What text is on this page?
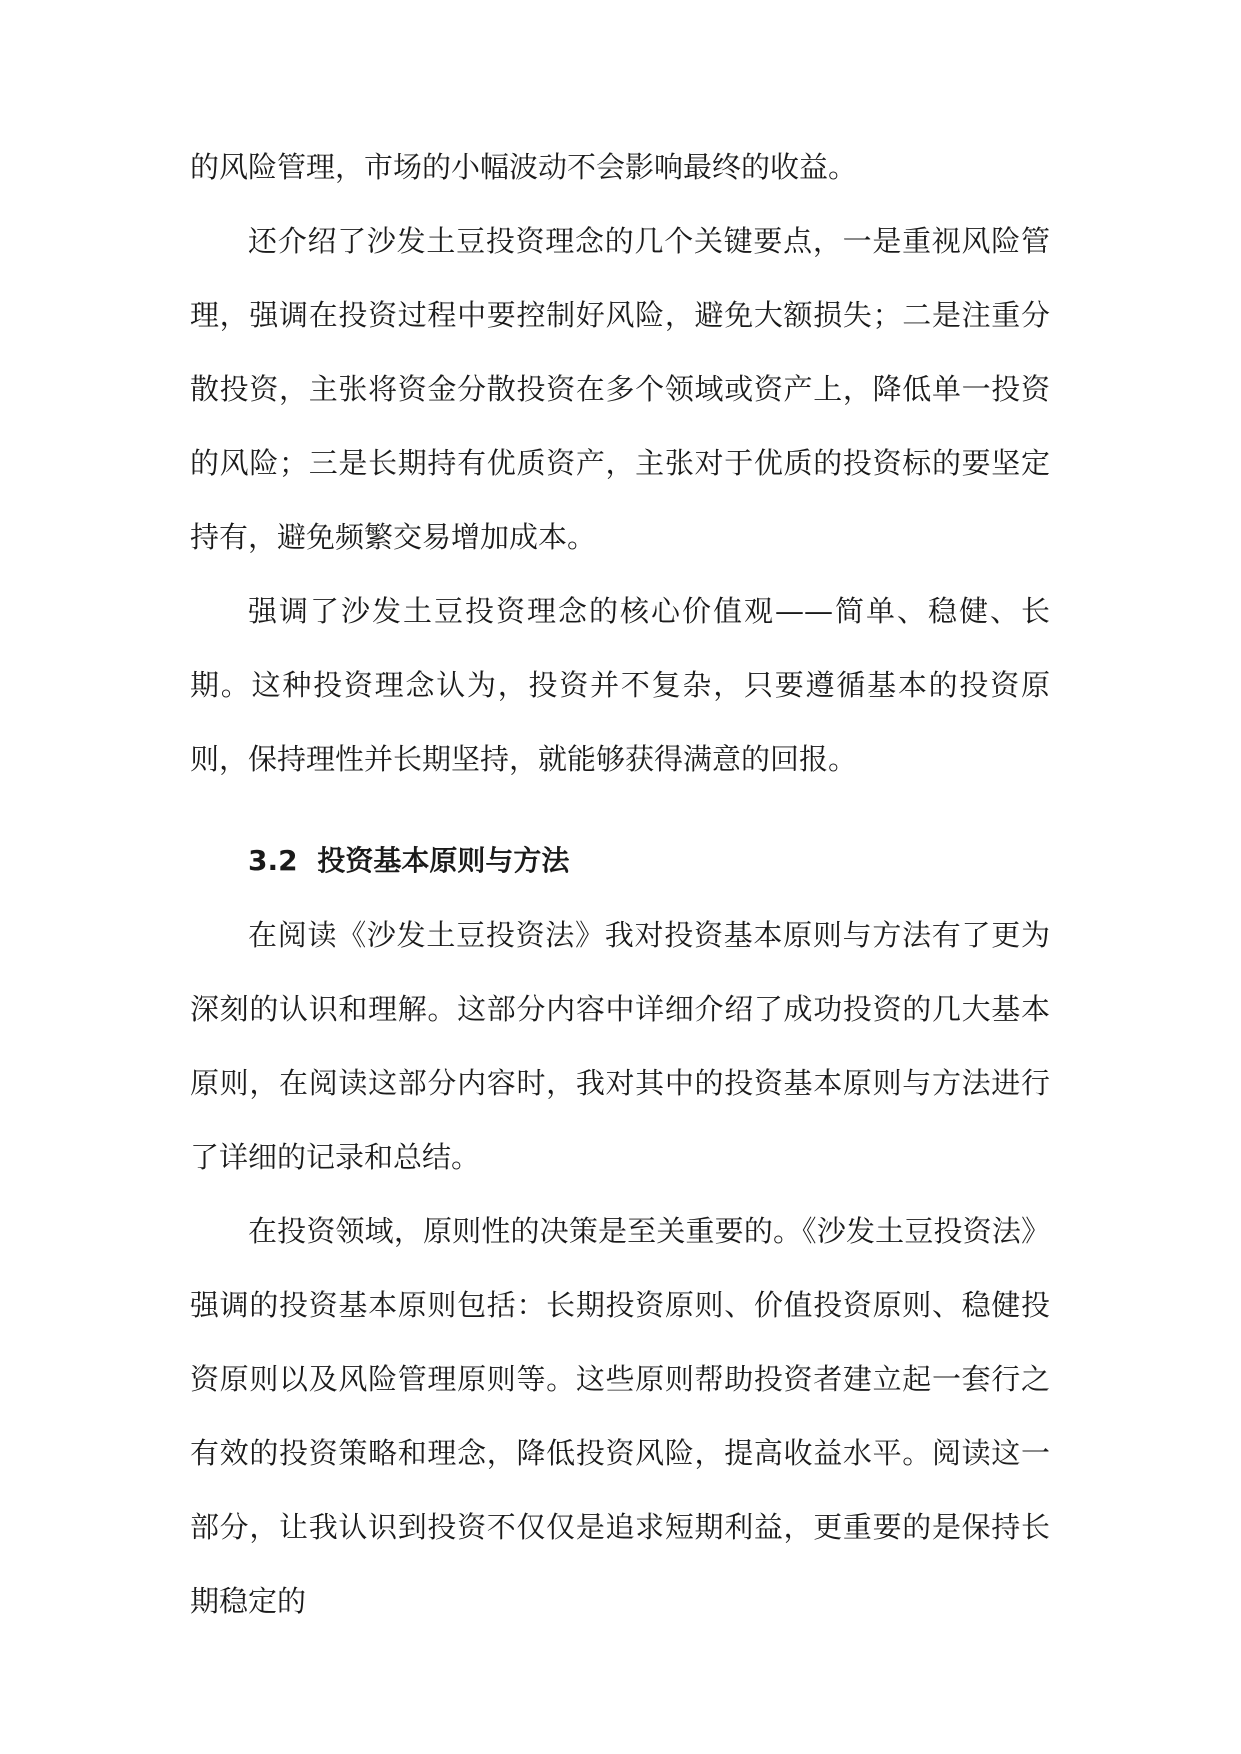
的风险管理，市场的小幅波动不会影响最终的收益。

还介绍了沙发土豆投资理念的几个关键要点，一是重视风险管理，强调在投资过程中要控制好风险，避免大额损失；二是注重分散投资，主张将资金分散投资在多个领域或资产上，降低单一投资的风险；三是长期持有优质资产，主张对于优质的投资标的要坚定持有，避免频繁交易增加成本。

强调了沙发土豆投资理念的核心价值观——简单、稳健、长期。这种投资理念认为，投资并不复杂，只要遵循基本的投资原则，保持理性并长期坚持，就能够获得满意的回报。

3.2 投资基本原则与方法

在阅读《沙发土豆投资法》我对投资基本原则与方法有了更为深刻的认识和理解。这部分内容中详细介绍了成功投资的几大基本原则，在阅读这部分内容时，我对其中的投资基本原则与方法进行了详细的记录和总结。

在投资领域，原则性的决策是至关重要的。《沙发土豆投资法》强调的投资基本原则包括：长期投资原则、价值投资原则、稳健投资原则以及风险管理原则等。这些原则帮助投资者建立起一套行之有效的投资策略和理念，降低投资风险，提高收益水平。阅读这一部分，让我认识到投资不仅仅是追求短期利益，更重要的是保持长期稳定的
